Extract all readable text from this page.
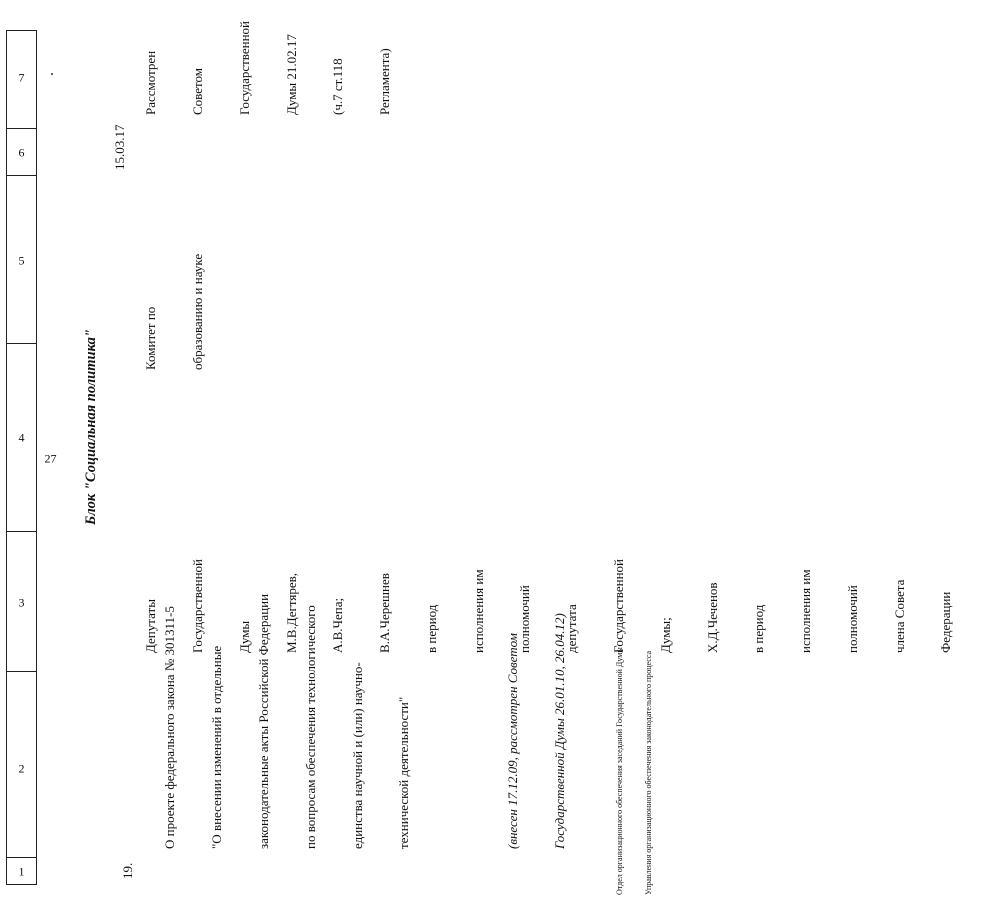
1
2
3
4
5
6
7
27 Блок "Социальная политика"
19.

О проекте федерального закона № 301311-5

"О внесении изменений в отдельные

законодательные акты Российской Федерации

по вопросам обеспечения технологического

единства научной и (или) научно-

технической деятельности"

	(внесен 17.12.09, рассмотрен Советом

Государственной Думы 26.01.10, 26.04.12)

Депутаты

Государственной

Думы

М.В.Дегтярев,

А.В.Чепа;

В.А.Черешнев

в период

исполнения им

полномочий

депутата

Государственной

Думы;

Х.Д.Чеченов

в период

исполнения им

полномочий

члена Совета

Федерации

Комитет по

образованию и науке

15.03.17

Рассмотрен

Советом

Государственной

Думы 21.02.17

(ч.7 ст.118

Регламента)

Отдел организационного обеспечения заседаний Государственной Думы

Управления организационного обеспечения законодательного процесса
